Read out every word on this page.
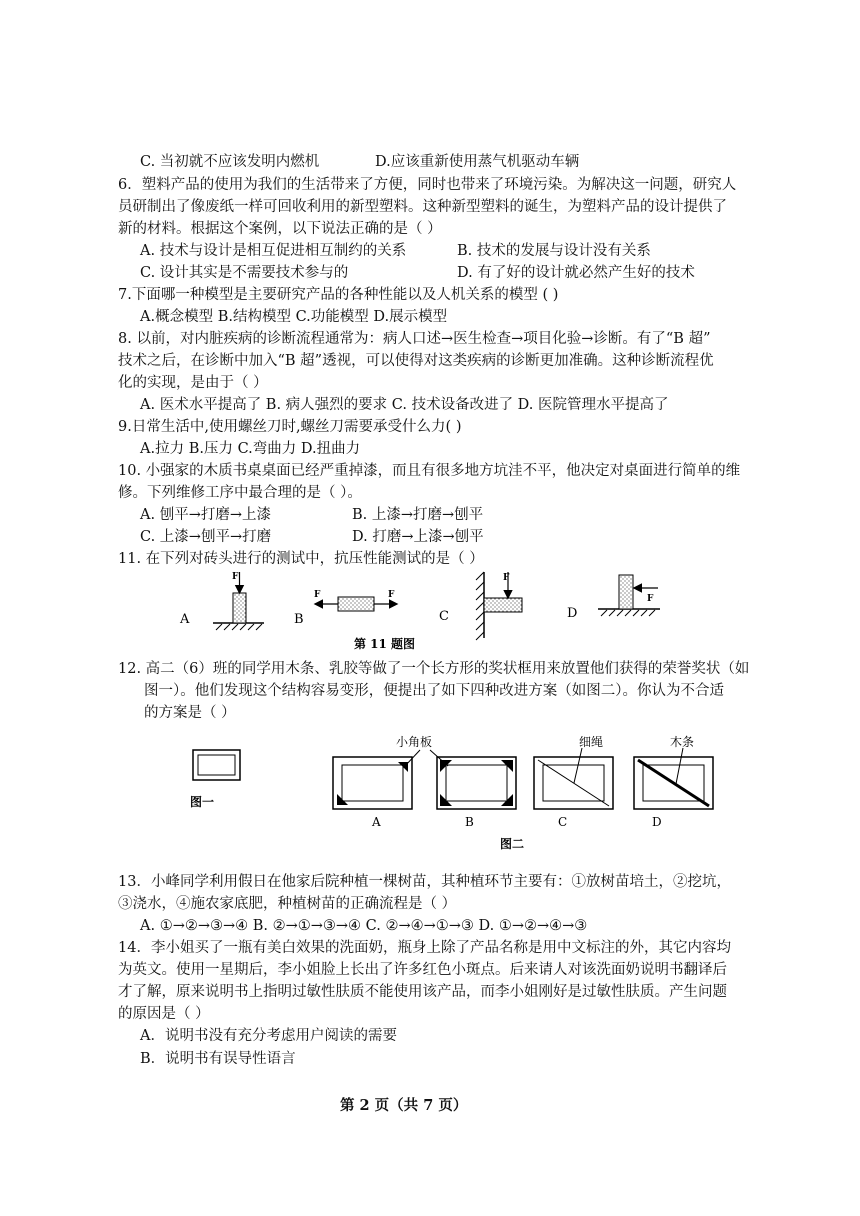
C. 当初就不应该发明内燃机	D.应该重新使用蒸气机驱动车辆
6．塑料产品的使用为我们的生活带来了方便，同时也带来了环境污染。为解决这一问题，研究人
员研制出了像废纸一样可回收利用的新型塑料。这种新型塑料的诞生，为塑料产品的设计提供了
新的材料。根据这个案例，以下说法正确的是（ ）
A. 技术与设计是相互促进相互制约的关系	B. 技术的发展与设计没有关系
C. 设计其实是不需要技术参与的	D. 有了好的设计就必然产生好的技术
7.下面哪一种模型是主要研究产品的各种性能以及人机关系的模型 ( )
A.概念模型 B.结构模型 C.功能模型 D.展示模型
8. 以前，对内脏疾病的诊断流程通常为：病人口述→医生检查→项目化验→诊断。有了“B 超”
技术之后，在诊断中加入“B 超”透视，可以使得对这类疾病的诊断更加准确。这种诊断流程优
化的实现，是由于（ ）
A. 医术水平提高了 B. 病人强烈的要求 C. 技术设备改进了 D. 医院管理水平提高了
9.日常生活中,使用螺丝刀时,螺丝刀需要承受什么力( )
A.拉力 B.压力 C.弯曲力 D.扭曲力
10. 小强家的木质书桌桌面已经严重掉漆，而且有很多地方坑洼不平，他决定对桌面进行简单的维
修。下列维修工序中最合理的是（ ）。
A. 刨平→打磨→上漆	B. 上漆→打磨→刨平
C. 上漆→刨平→打磨	D. 打磨→上漆→刨平
11. 在下列对砖头进行的测试中，抗压性能测试的是（ ）
A	B	C	D
F
F	F
F
F
第 11 题图
图一
图二
小角板	细绳	木条
A	B	C	D
12. 高二（6）班的同学用木条、乳胶等做了一个长方形的奖状框用来放置他们获得的荣誉奖状（如
图一）。他们发现这个结构容易变形，便提出了如下四种改进方案（如图二）。你认为不合适
的方案是（ ）
13．小峰同学利用假日在他家后院种植一棵树苗，其种植环节主要有：①放树苗培土，②挖坑，
③浇水，④施农家底肥，种植树苗的正确流程是（ ）
A. ①→②→③→④ B. ②→①→③→④ C. ②→④→①→③ D. ①→②→④→③
14．李小姐买了一瓶有美白效果的洗面奶，瓶身上除了产品名称是用中文标注的外，其它内容均
为英文。使用一星期后，李小姐脸上长出了许多红色小斑点。后来请人对该洗面奶说明书翻译后
才了解，原来说明书上指明过敏性肤质不能使用该产品，而李小姐刚好是过敏性肤质。产生问题
的原因是（ ）
A．说明书没有充分考虑用户阅读的需要
B．说明书有误导性语言
第 2 页（共 7 页）
